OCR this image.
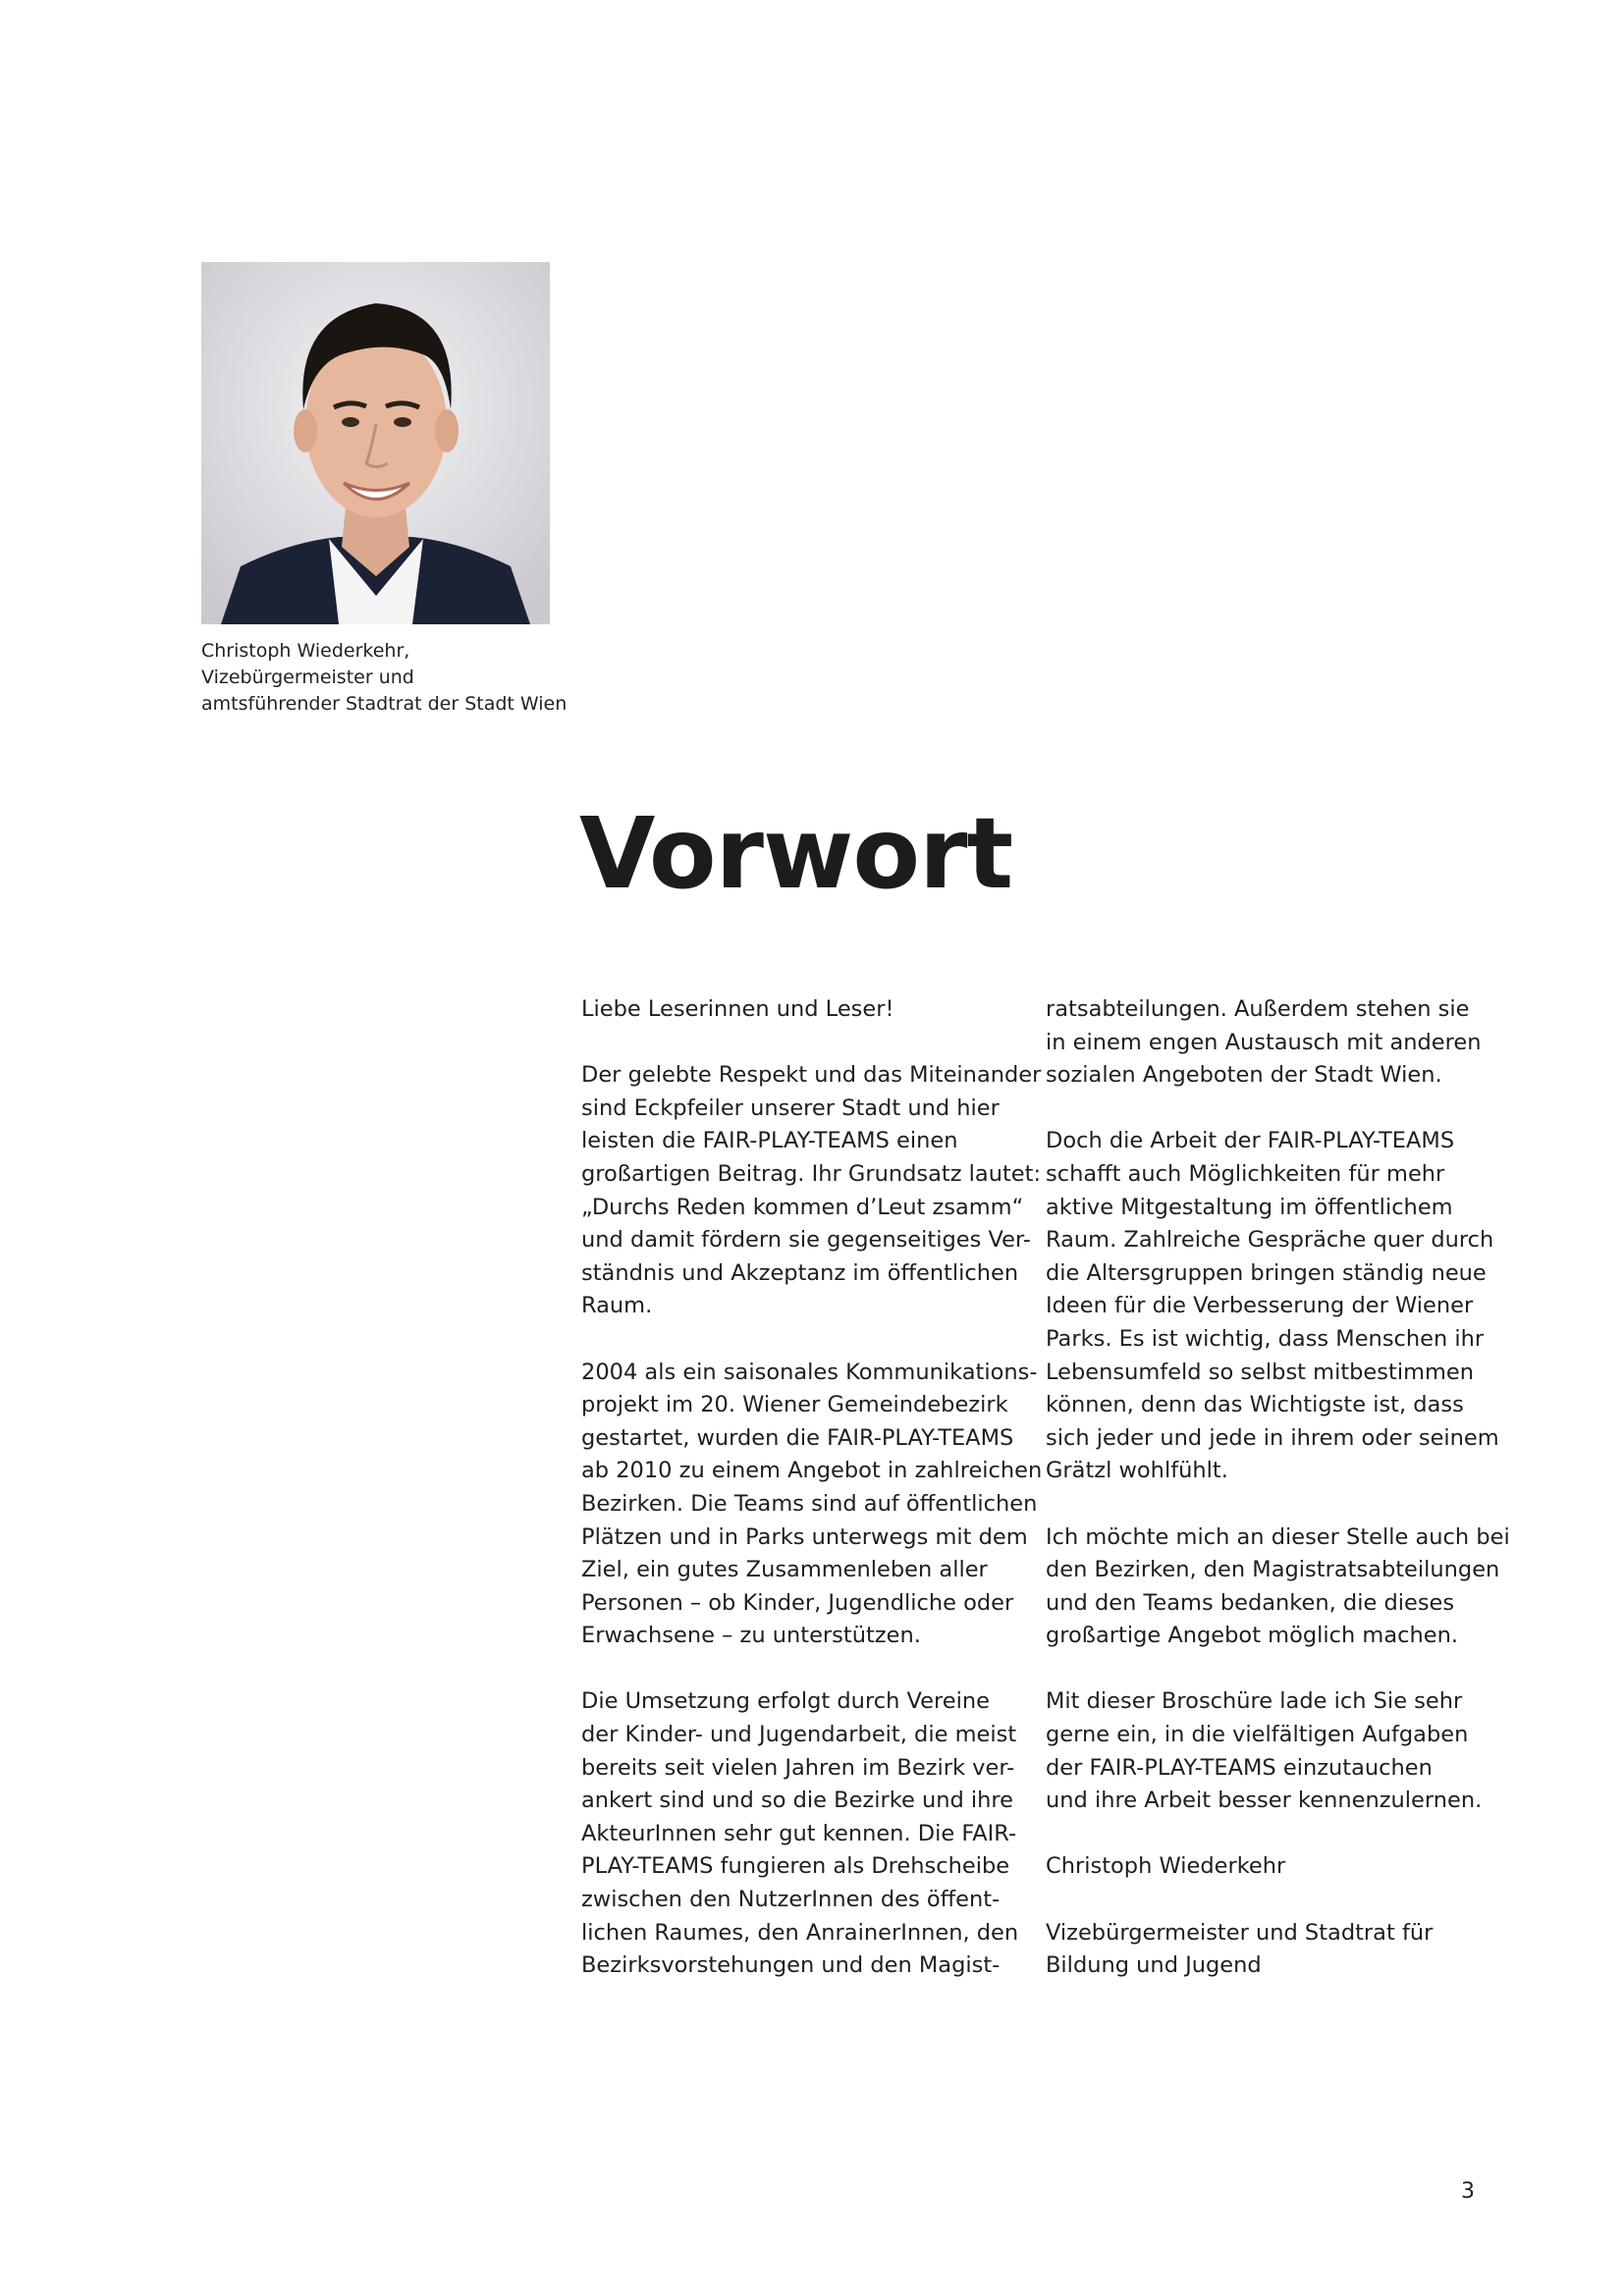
Christoph Wiederkehr,
Vizebürgermeister und
amtsführender Stadtrat der Stadt Wien
Vorwort

Liebe Leserinnen und Leser!

Der gelebte Respekt und das Miteinander
sind Eckpfeiler unserer Stadt und hier
leisten die FAIR-PLAY-TEAMS einen
großartigen Beitrag. Ihr Grundsatz lautet:
„Durchs Reden kommen d’Leut zsamm“
und damit fördern sie gegenseitiges Ver-
ständnis und Akzeptanz im öffentlichen
Raum.

2004 als ein saisonales Kommunikations-
projekt im 20. Wiener Gemeindebezirk
gestartet, wurden die FAIR-PLAY-TEAMS
ab 2010 zu einem Angebot in zahlreichen
Bezirken. Die Teams sind auf öffentlichen
Plätzen und in Parks unterwegs mit dem
Ziel, ein gutes Zusammenleben aller
Personen – ob Kinder, Jugendliche oder
Erwachsene – zu unterstützen.

Die Umsetzung erfolgt durch Vereine
der Kinder- und Jugendarbeit, die meist
bereits seit vielen Jahren im Bezirk ver-
ankert sind und so die Bezirke und ihre
AkteurInnen sehr gut kennen. Die FAIR-
PLAY-TEAMS fungieren als Drehscheibe
zwischen den NutzerInnen des öffent-
lichen Raumes, den AnrainerInnen, den
Bezirksvorstehungen und den Magist-

ratsabteilungen. Außerdem stehen sie
in einem engen Austausch mit anderen
sozialen Angeboten der Stadt Wien.

Doch die Arbeit der FAIR-PLAY-TEAMS
schafft auch Möglichkeiten für mehr
aktive Mitgestaltung im öffentlichem
Raum. Zahlreiche Gespräche quer durch
die Altersgruppen bringen ständig neue
Ideen für die Verbesserung der Wiener
Parks. Es ist wichtig, dass Menschen ihr
Lebensumfeld so selbst mitbestimmen
können, denn das Wichtigste ist, dass
sich jeder und jede in ihrem oder seinem
Grätzl wohlfühlt.

Ich möchte mich an dieser Stelle auch bei
den Bezirken, den Magistratsabteilungen
und den Teams bedanken, die dieses
großartige Angebot möglich machen.

Mit dieser Broschüre lade ich Sie sehr
gerne ein, in die vielfältigen Aufgaben
der FAIR-PLAY-TEAMS einzutauchen
und ihre Arbeit besser kennenzulernen.

Christoph Wiederkehr

Vizebürgermeister und Stadtrat für
Bildung und Jugend

3
